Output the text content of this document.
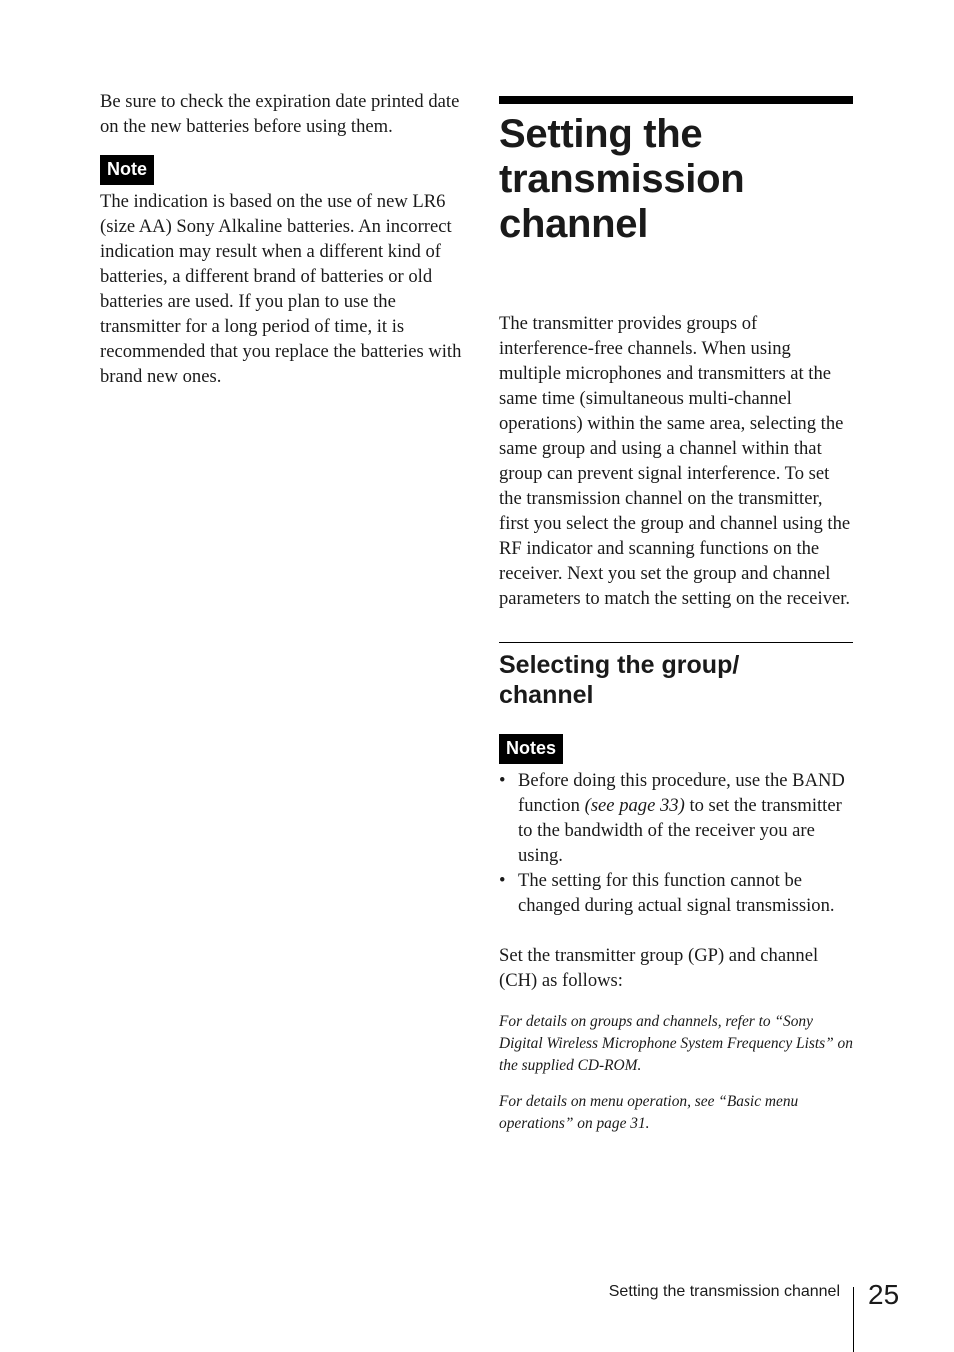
Be sure to check the expiration date printed date on the new batteries before using them.

Note

The indication is based on the use of new LR6 (size AA) Sony Alkaline batteries. An incorrect indication may result when a different kind of batteries, a different brand of batteries or old batteries are used. If you plan to use the transmitter for a long period of time, it is recommended that you replace the batteries with brand new ones.

Setting the
transmission
channel

The transmitter provides groups of interference-free channels. When using multiple microphones and transmitters at the same time (simultaneous multi-channel operations) within the same area, selecting the same group and using a channel within that group can prevent signal interference. To set the transmission channel on the transmitter, first you select the group and channel using the RF indicator and scanning functions on the receiver. Next you set the group and channel parameters to match the setting on the receiver.

Selecting the group/
channel
Notes
• Before doing this procedure, use the BAND function (see page 33) to set the transmitter to the bandwidth of the receiver you are using.
• The setting for this function cannot be changed during actual signal transmission.

Set the transmitter group (GP) and channel (CH) as follows:

For details on groups and channels, refer to “Sony Digital Wireless Microphone System Frequency Lists” on the supplied CD-ROM.

For details on menu operation, see “Basic menu operations” on page 31.

Setting the transmission channel 25
